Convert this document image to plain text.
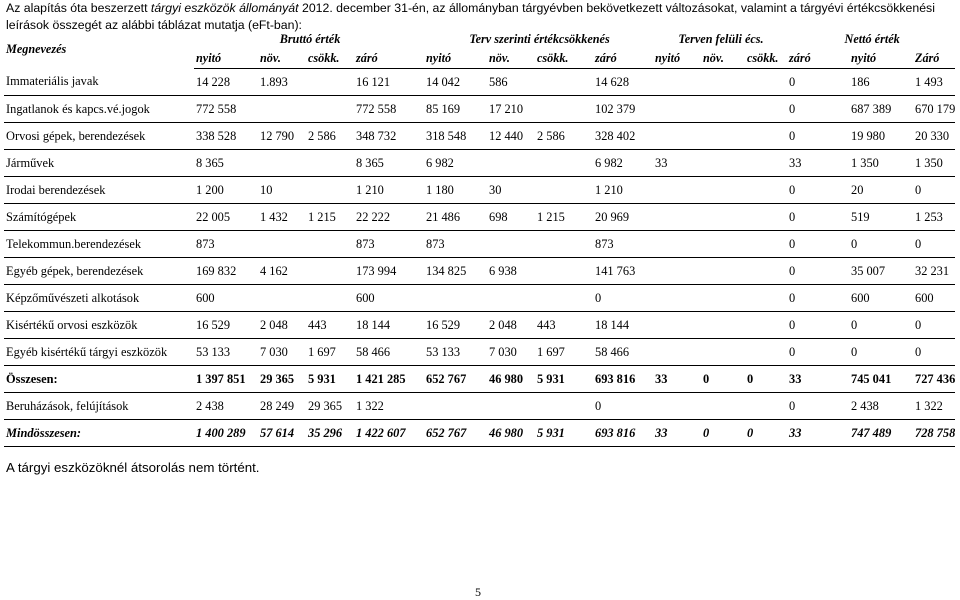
Az alapítás óta beszerzett tárgyi eszközök állományát 2012. december 31-én, az állományban tárgyévben bekövetkezett változásokat, valamint a tárgyévi értékcsökkenési leírások összegét az alábbi táblázat mutatja (eFt-ban):
Megnevezés	Bruttó érték				Terv szerinti értékcsökkenés				Terven felüli écs.			Nettó érték		
	nyitó	növ.	csökk.	záró	nyitó	növ.	csökk.	záró	nyitó	növ.	csökk.	záró	nyitó	Záró
Immateriális javak	14 228	1.893		16 121	14 042	586		14 628				0	186	1 493
Ingatlanok és kapcs.vé.jogok	772 558			772 558	85 169	17 210		102 379				0	687 389	670 179
Orvosi gépek, berendezések	338 528	12 790	2 586	348 732	318 548	12 440	2 586	328 402				0	19 980	20 330
Járművek	8 365			8 365	6 982			6 982	33			33	1 350	1 350
Irodai berendezések	1 200	10		1 210	1 180	30		1 210				0	20	0
Számítógépek	22 005	1 432	1 215	22 222	21 486	698	1 215	20 969				0	519	1 253
Telekommun.berendezések	873			873	873			873				0	0	0
Egyéb gépek, berendezések	169 832	4 162		173 994	134 825	6 938		141 763				0	35 007	32 231
Képzőművészeti alkotások	600			600				0				0	600	600
Kisértékű orvosi eszközök	16 529	2 048	443	18 144	16 529	2 048	443	18 144				0	0	0
Egyéb kisértékű tárgyi eszközök	53 133	7 030	1 697	58 466	53 133	7 030	1 697	58 466				0	0	0
Összesen:	1 397 851	29 365	5 931	1 421 285	652 767	46 980	5 931	693 816	33	0	0	33	745 041	727 436
Beruházások, felújítások	2 438	28 249	29 365	1 322				0				0	2 438	1 322
Mindösszesen:	1 400 289	57 614	35 296	1 422 607	652 767	46 980	5 931	693 816	33	0	0	33	747 489	728 758
A tárgyi eszközöknél átsorolás nem történt.
5
